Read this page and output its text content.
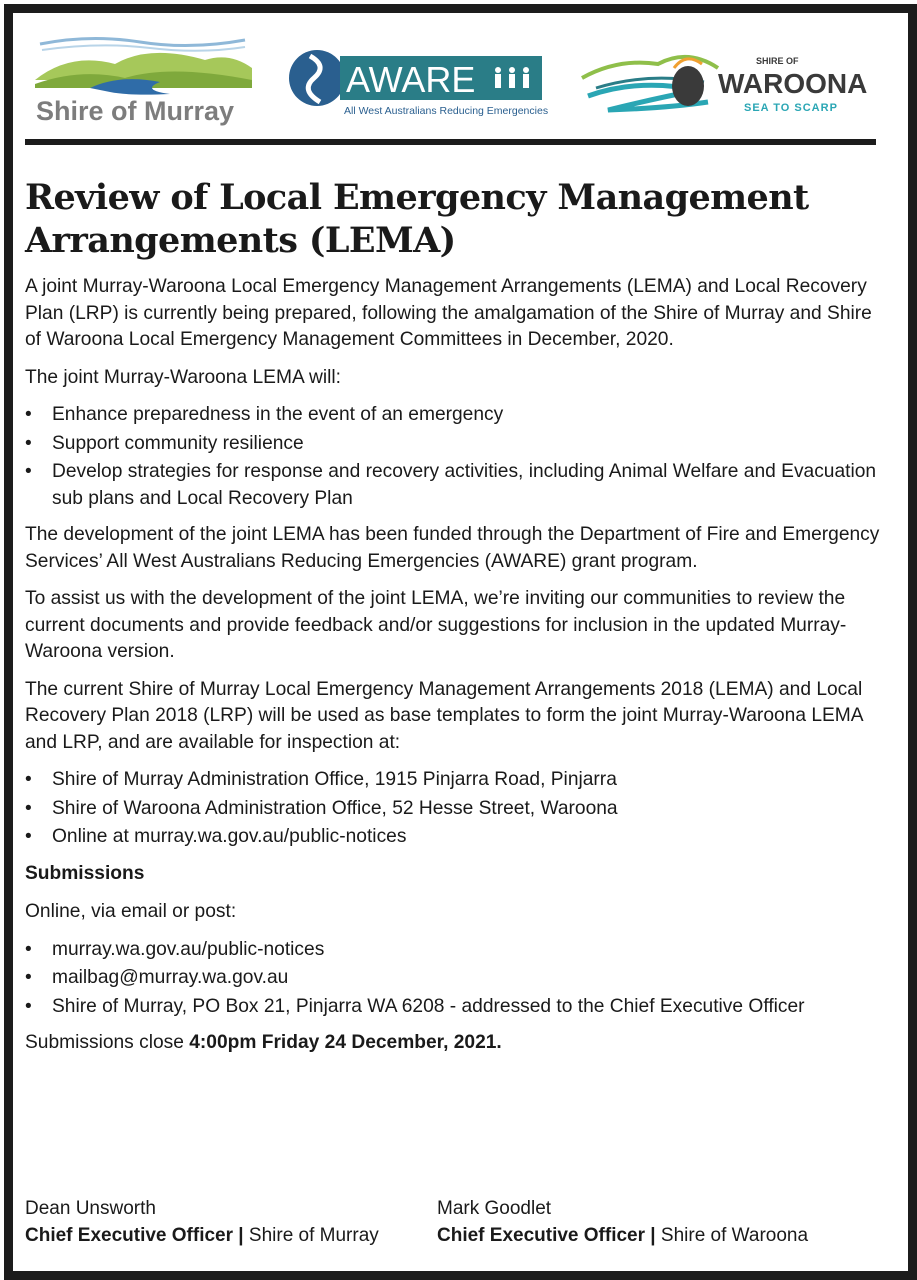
Shire of Murray
AWARE
All West Australians Reducing Emergencies
SHIRE OF
WAROONA
SEA TO SCARP
Review of Local Emergency Management Arrangements (LEMA)

A joint Murray-Waroona Local Emergency Management Arrangements (LEMA) and Local Recovery Plan (LRP) is currently being prepared, following the amalgamation of the Shire of Murray and Shire of Waroona Local Emergency Management Committees in December, 2020.

The joint Murray-Waroona LEMA will:

• Enhance preparedness in the event of an emergency
• Support community resilience
• Develop strategies for response and recovery activities, including Animal Welfare and Evacuation sub plans and Local Recovery Plan

The development of the joint LEMA has been funded through the Department of Fire and Emergency Services’ All West Australians Reducing Emergencies (AWARE) grant program.

To assist us with the development of the joint LEMA, we’re inviting our communities to review the current documents and provide feedback and/or suggestions for inclusion in the updated Murray-Waroona version.

The current Shire of Murray Local Emergency Management Arrangements 2018 (LEMA) and Local Recovery Plan 2018 (LRP) will be used as base templates to form the joint Murray-Waroona LEMA and LRP, and are available for inspection at:

• Shire of Murray Administration Office, 1915 Pinjarra Road, Pinjarra
• Shire of Waroona Administration Office, 52 Hesse Street, Waroona
• Online at murray.wa.gov.au/public-notices

Submissions

Online, via email or post:

• murray.wa.gov.au/public-notices
• mailbag@murray.wa.gov.au
• Shire of Murray, PO Box 21, Pinjarra WA 6208 - addressed to the Chief Executive Officer

Submissions close 4:00pm Friday 24 December, 2021.

Dean Unsworth
Chief Executive Officer | Shire of Murray
Mark Goodlet
Chief Executive Officer | Shire of Waroona
